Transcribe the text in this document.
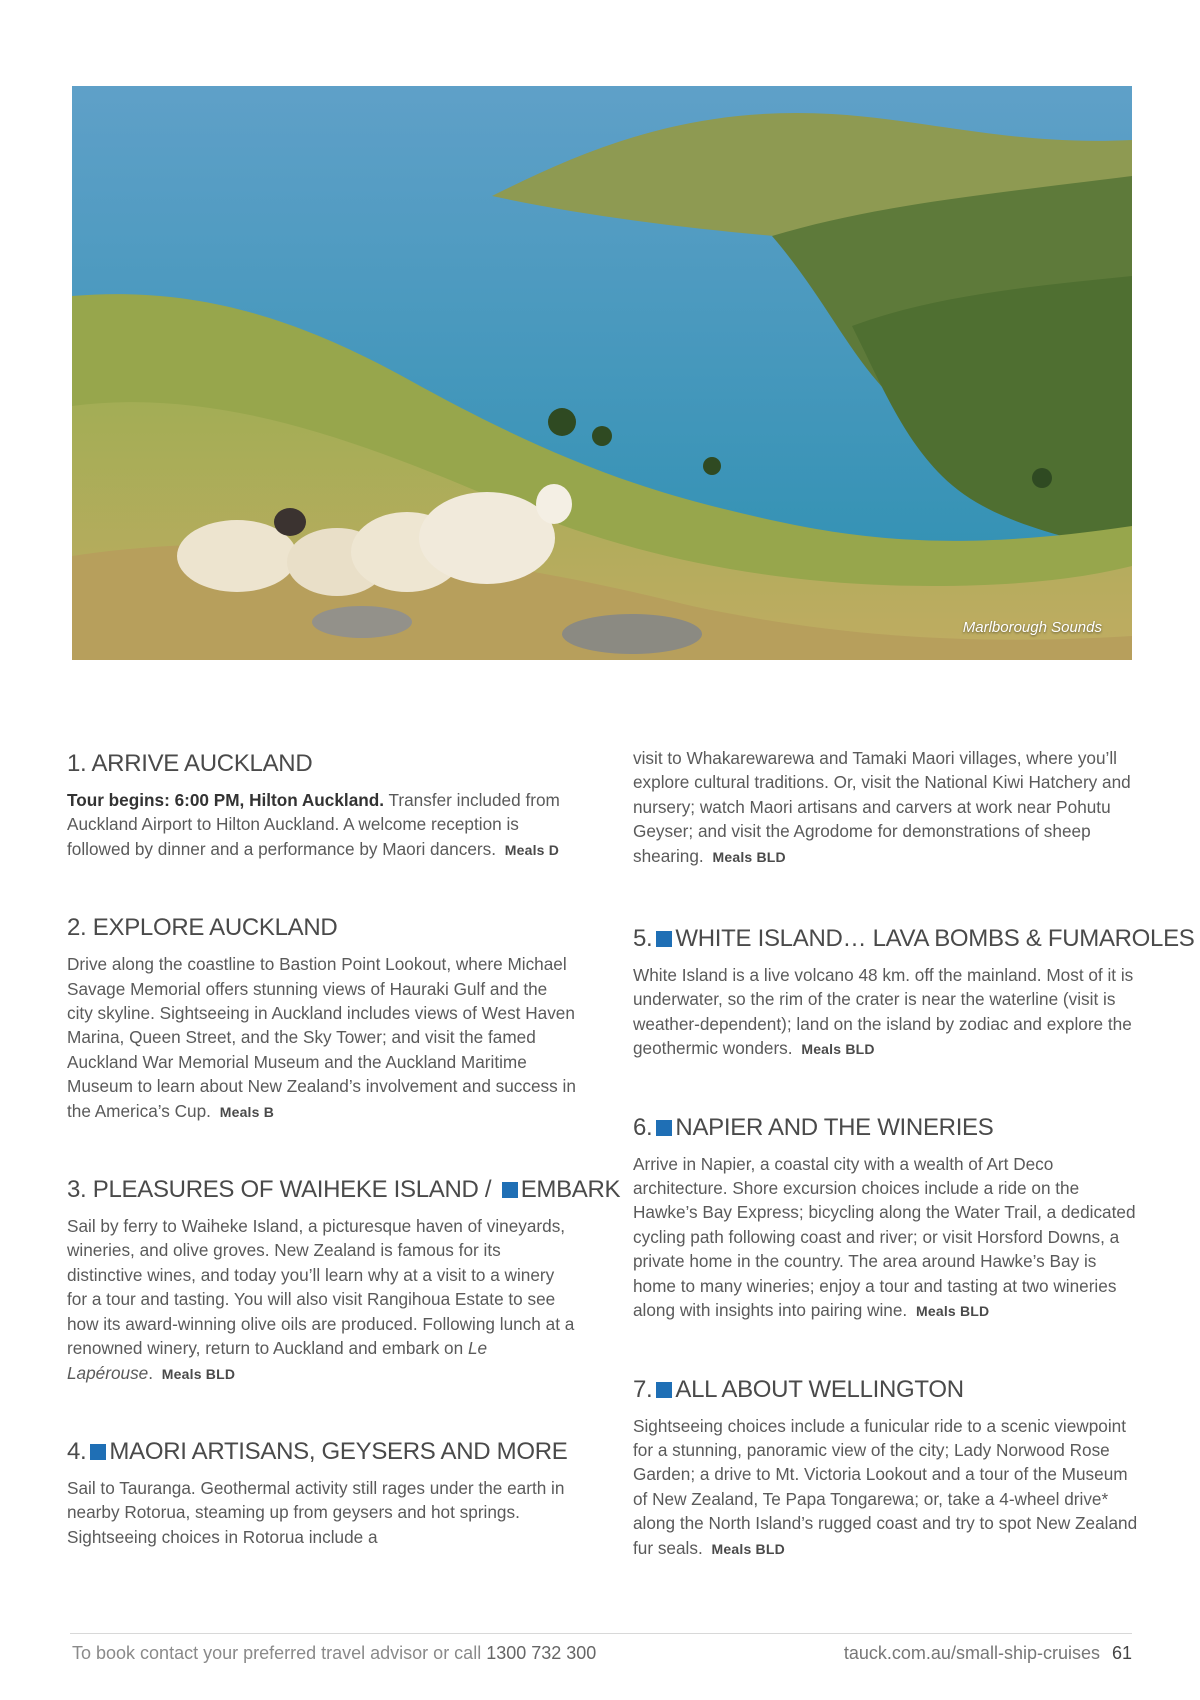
Marlborough Sounds
1. ARRIVE AUCKLAND

Tour begins: 6:00 PM, Hilton Auckland. Transfer included from Auckland Airport to Hilton Auckland. A welcome reception is followed by dinner and a performance by Maori dancers. Meals D

2. EXPLORE AUCKLAND

Drive along the coastline to Bastion Point Lookout, where Michael Savage Memorial offers stunning views of Hauraki Gulf and the city skyline. Sightseeing in Auckland includes views of West Haven Marina, Queen Street, and the Sky Tower; and visit the famed Auckland War Memorial Museum and the Auckland Maritime Museum to learn about New Zealand’s involvement and success in the America’s Cup. Meals B

3. PLEASURES OF WAIHEKE ISLAND / EMBARK

Sail by ferry to Waiheke Island, a picturesque haven of vineyards, wineries, and olive groves. New Zealand is famous for its distinctive wines, and today you’ll learn why at a visit to a winery for a tour and tasting. You will also visit Rangihoua Estate to see how its award-winning olive oils are produced. Following lunch at a renowned winery, return to Auckland and embark on Le Lapérouse. Meals BLD

4. MAORI ARTISANS, GEYSERS AND MORE

Sail to Tauranga. Geothermal activity still rages under the earth in nearby Rotorua, steaming up from geysers and hot springs. Sightseeing choices in Rotorua include a

visit to Whakarewarewa and Tamaki Maori villages, where you’ll explore cultural traditions. Or, visit the National Kiwi Hatchery and nursery; watch Maori artisans and carvers at work near Pohutu Geyser; and visit the Agrodome for demonstrations of sheep shearing. Meals BLD

5. WHITE ISLAND… LAVA BOMBS & FUMAROLES

White Island is a live volcano 48 km. off the mainland. Most of it is underwater, so the rim of the crater is near the waterline (visit is weather-dependent); land on the island by zodiac and explore the geothermic wonders. Meals BLD

6. NAPIER AND THE WINERIES

Arrive in Napier, a coastal city with a wealth of Art Deco architecture. Shore excursion choices include a ride on the Hawke’s Bay Express; bicycling along the Water Trail, a dedicated cycling path following coast and river; or visit Horsford Downs, a private home in the country. The area around Hawke’s Bay is home to many wineries; enjoy a tour and tasting at two wineries along with insights into pairing wine. Meals BLD

7. ALL ABOUT WELLINGTON

Sightseeing choices include a funicular ride to a scenic viewpoint for a stunning, panoramic view of the city; Lady Norwood Rose Garden; a drive to Mt. Victoria Lookout and a tour of the Museum of New Zealand, Te Papa Tongarewa; or, take a 4-wheel drive* along the North Island’s rugged coast and try to spot New Zealand fur seals. Meals BLD

To book contact your preferred travel advisor or call 1300 732 300	tauck.com.au/small-ship-cruises 61
